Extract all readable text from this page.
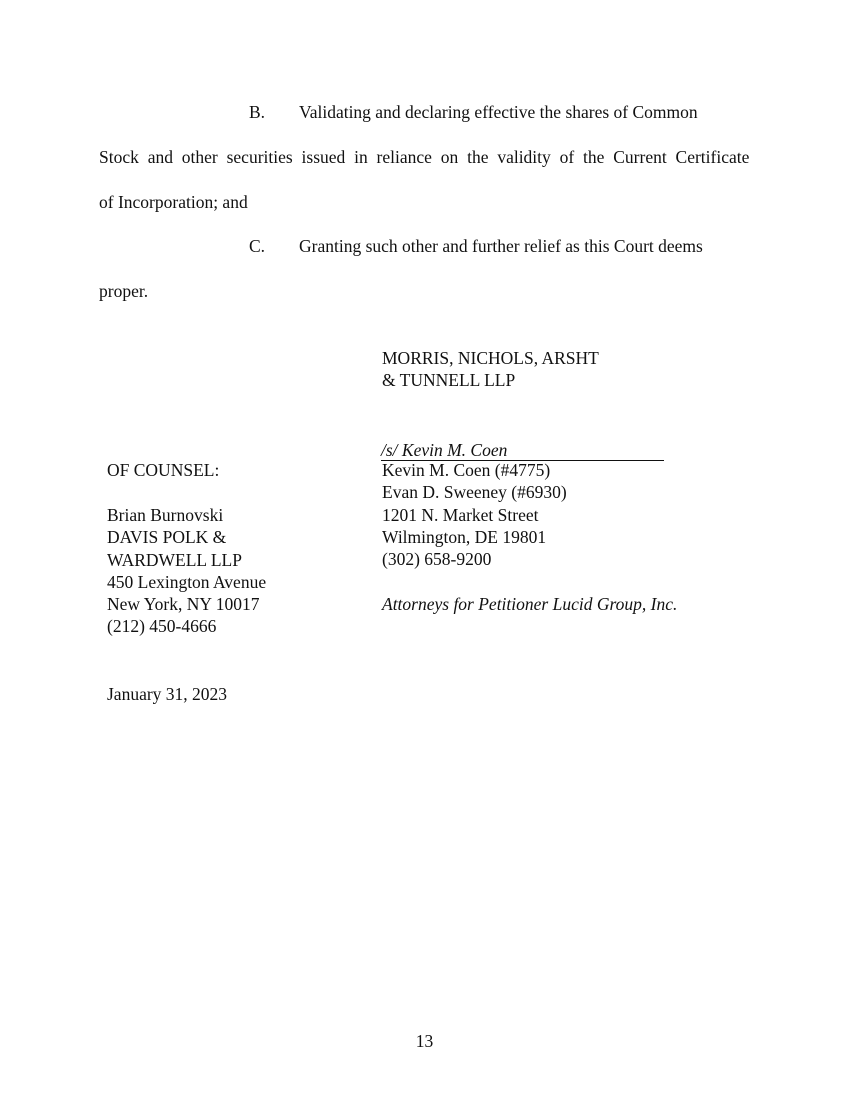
B. Validating and declaring effective the shares of Common
Stock and other securities issued in reliance on the validity of the Current Certificate
of Incorporation; and
C. Granting such other and further relief as this Court deems
proper.
MORRIS, NICHOLS, ARSHT
& TUNNELL LLP
/s/ Kevin M. Coen
Kevin M. Coen (#4775)
Evan D. Sweeney (#6930)
1201 N. Market Street
Wilmington, DE 19801
(302) 658-9200
Attorneys for Petitioner Lucid Group, Inc.
OF COUNSEL:
Brian Burnovski
DAVIS POLK &
WARDWELL LLP
450 Lexington Avenue
New York, NY 10017
(212) 450-4666
January 31, 2023
13
